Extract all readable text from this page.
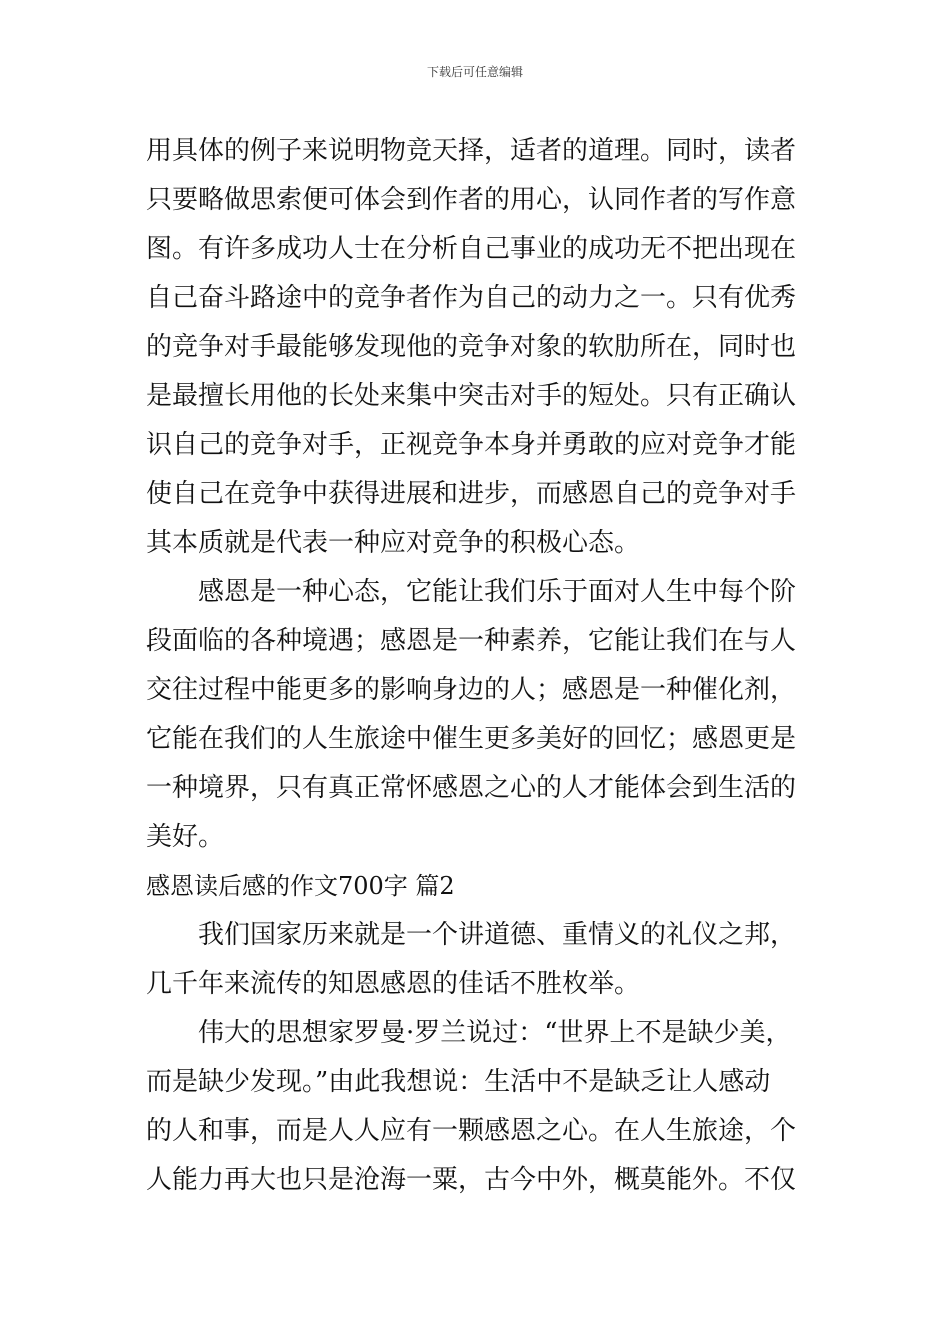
下载后可任意编辑
用具体的例子来说明物竞天择，适者的道理。同时，读者
只要略做思索便可体会到作者的用心，认同作者的写作意
图。有许多成功人士在分析自己事业的成功无不把出现在
自己奋斗路途中的竞争者作为自己的动力之一。只有优秀
的竞争对手最能够发现他的竞争对象的软肋所在，同时也
是最擅长用他的长处来集中突击对手的短处。只有正确认
识自己的竞争对手，正视竞争本身并勇敢的应对竞争才能
使自己在竞争中获得进展和进步，而感恩自己的竞争对手
其本质就是代表一种应对竞争的积极心态。
感恩是一种心态，它能让我们乐于面对人生中每个阶
段面临的各种境遇；感恩是一种素养，它能让我们在与人
交往过程中能更多的影响身边的人；感恩是一种催化剂，
它能在我们的人生旅途中催生更多美好的回忆；感恩更是
一种境界，只有真正常怀感恩之心的人才能体会到生活的
美好。
感恩读后感的作文700字 篇2
我们国家历来就是一个讲道德、重情义的礼仪之邦，
几千年来流传的知恩感恩的佳话不胜枚举。
伟大的思想家罗曼·罗兰说过：“世界上不是缺少美，
而是缺少发现。”由此我想说：生活中不是缺乏让人感动
的人和事，而是人人应有一颗感恩之心。在人生旅途，个
人能力再大也只是沧海一粟，古今中外，概莫能外。不仅
